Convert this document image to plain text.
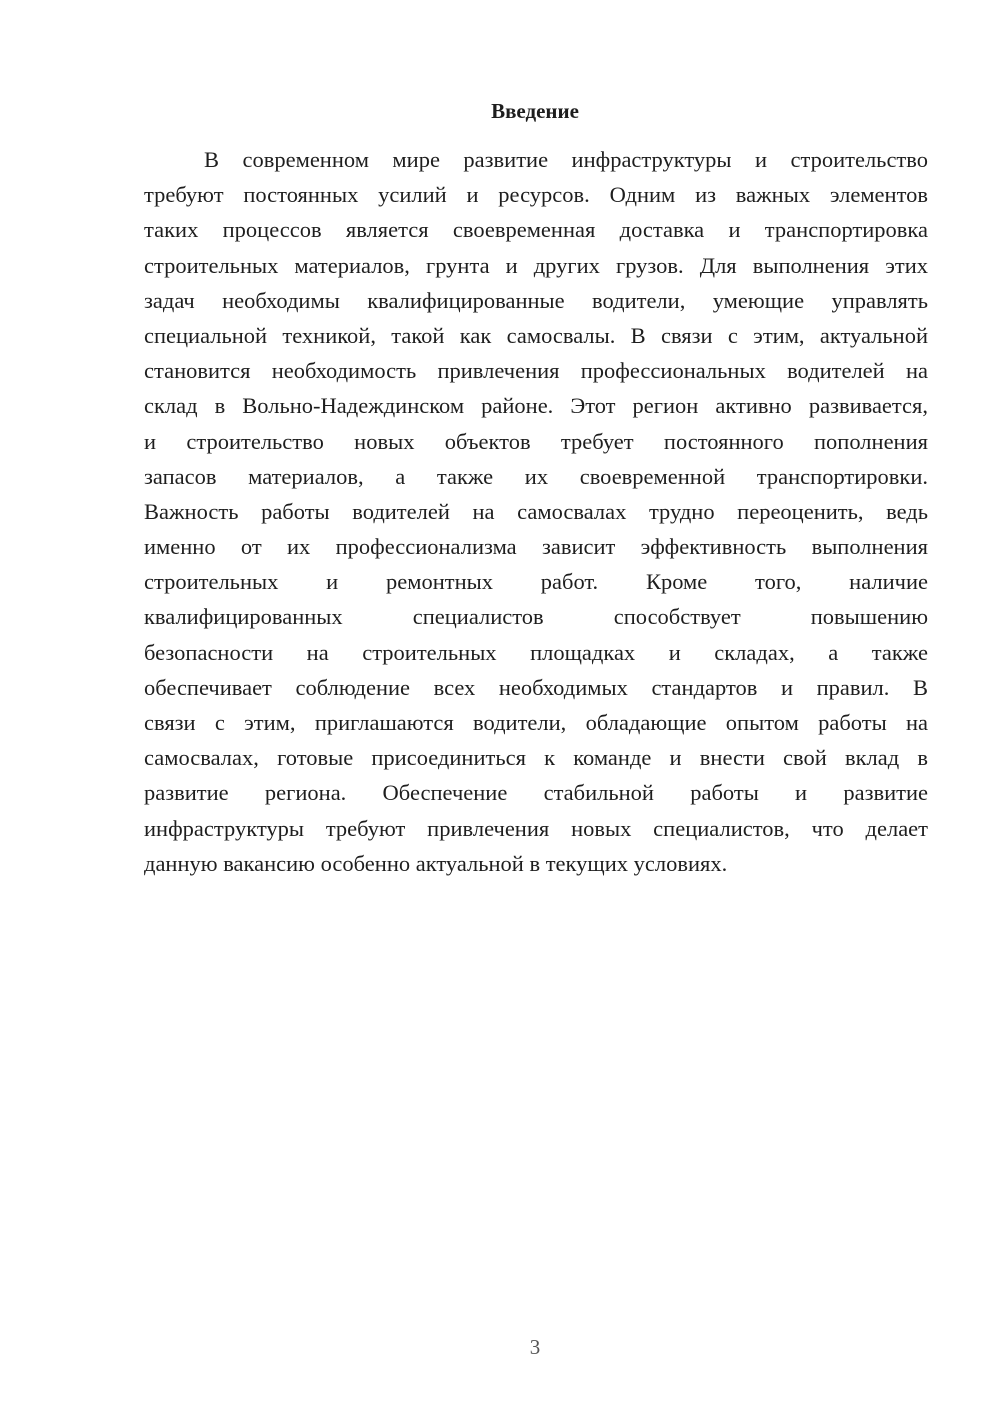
Введение
В современном мире развитие инфраструктуры и строительство
требуют постоянных усилий и ресурсов. Одним из важных элементов
таких процессов является своевременная доставка и транспортировка
строительных материалов, грунта и других грузов. Для выполнения этих
задач необходимы квалифицированные водители, умеющие управлять
специальной техникой, такой как самосвалы. В связи с этим, актуальной
становится необходимость привлечения профессиональных водителей на
склад в Вольно-Надеждинском районе. Этот регион активно развивается,
и строительство новых объектов требует постоянного пополнения
запасов материалов, а также их своевременной транспортировки.
Важность работы водителей на самосвалах трудно переоценить, ведь
именно от их профессионализма зависит эффективность выполнения
строительных и ремонтных работ. Кроме того, наличие
квалифицированных специалистов способствует повышению
безопасности на строительных площадках и складах, а также
обеспечивает соблюдение всех необходимых стандартов и правил. В
связи с этим, приглашаются водители, обладающие опытом работы на
самосвалах, готовые присоединиться к команде и внести свой вклад в
развитие региона. Обеспечение стабильной работы и развитие
инфраструктуры требуют привлечения новых специалистов, что делает
данную вакансию особенно актуальной в текущих условиях.
3
